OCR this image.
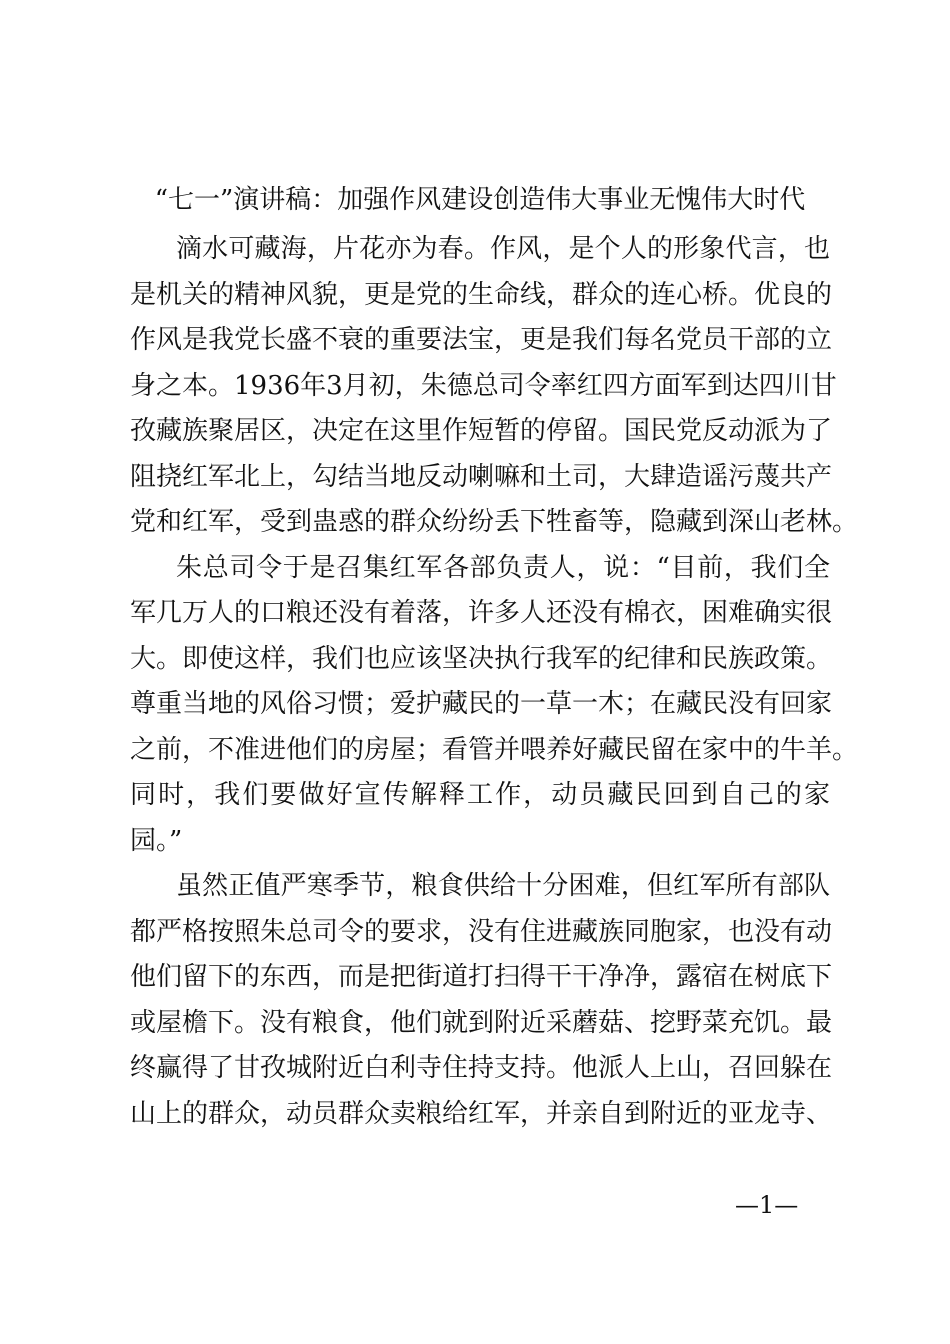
“七一”演讲稿：加强作风建设创造伟大事业无愧伟大时代
滴水可藏海，片花亦为春。作风，是个人的形象代言，也
是机关的精神风貌，更是党的生命线，群众的连心桥。优良的
作风是我党长盛不衰的重要法宝，更是我们每名党员干部的立
身之本。1936年3月初，朱德总司令率红四方面军到达四川甘
孜藏族聚居区，决定在这里作短暂的停留。国民党反动派为了
阻挠红军北上，勾结当地反动喇嘛和土司，大肆造谣污蔑共产
党和红军，受到蛊惑的群众纷纷丢下牲畜等，隐藏到深山老林。
朱总司令于是召集红军各部负责人，说：“目前，我们全
军几万人的口粮还没有着落，许多人还没有棉衣，困难确实很
大。即使这样，我们也应该坚决执行我军的纪律和民族政策。
尊重当地的风俗习惯；爱护藏民的一草一木；在藏民没有回家
之前，不准进他们的房屋；看管并喂养好藏民留在家中的牛羊。
同时，我们要做好宣传解释工作，动员藏民回到自己的家
园。”
虽然正值严寒季节，粮食供给十分困难，但红军所有部队
都严格按照朱总司令的要求，没有住进藏族同胞家，也没有动
他们留下的东西，而是把街道打扫得干干净净，露宿在树底下
或屋檐下。没有粮食，他们就到附近采蘑菇、挖野菜充饥。最
终赢得了甘孜城附近白利寺住持支持。他派人上山，召回躲在
山上的群众，动员群众卖粮给红军，并亲自到附近的亚龙寺、
—1—
